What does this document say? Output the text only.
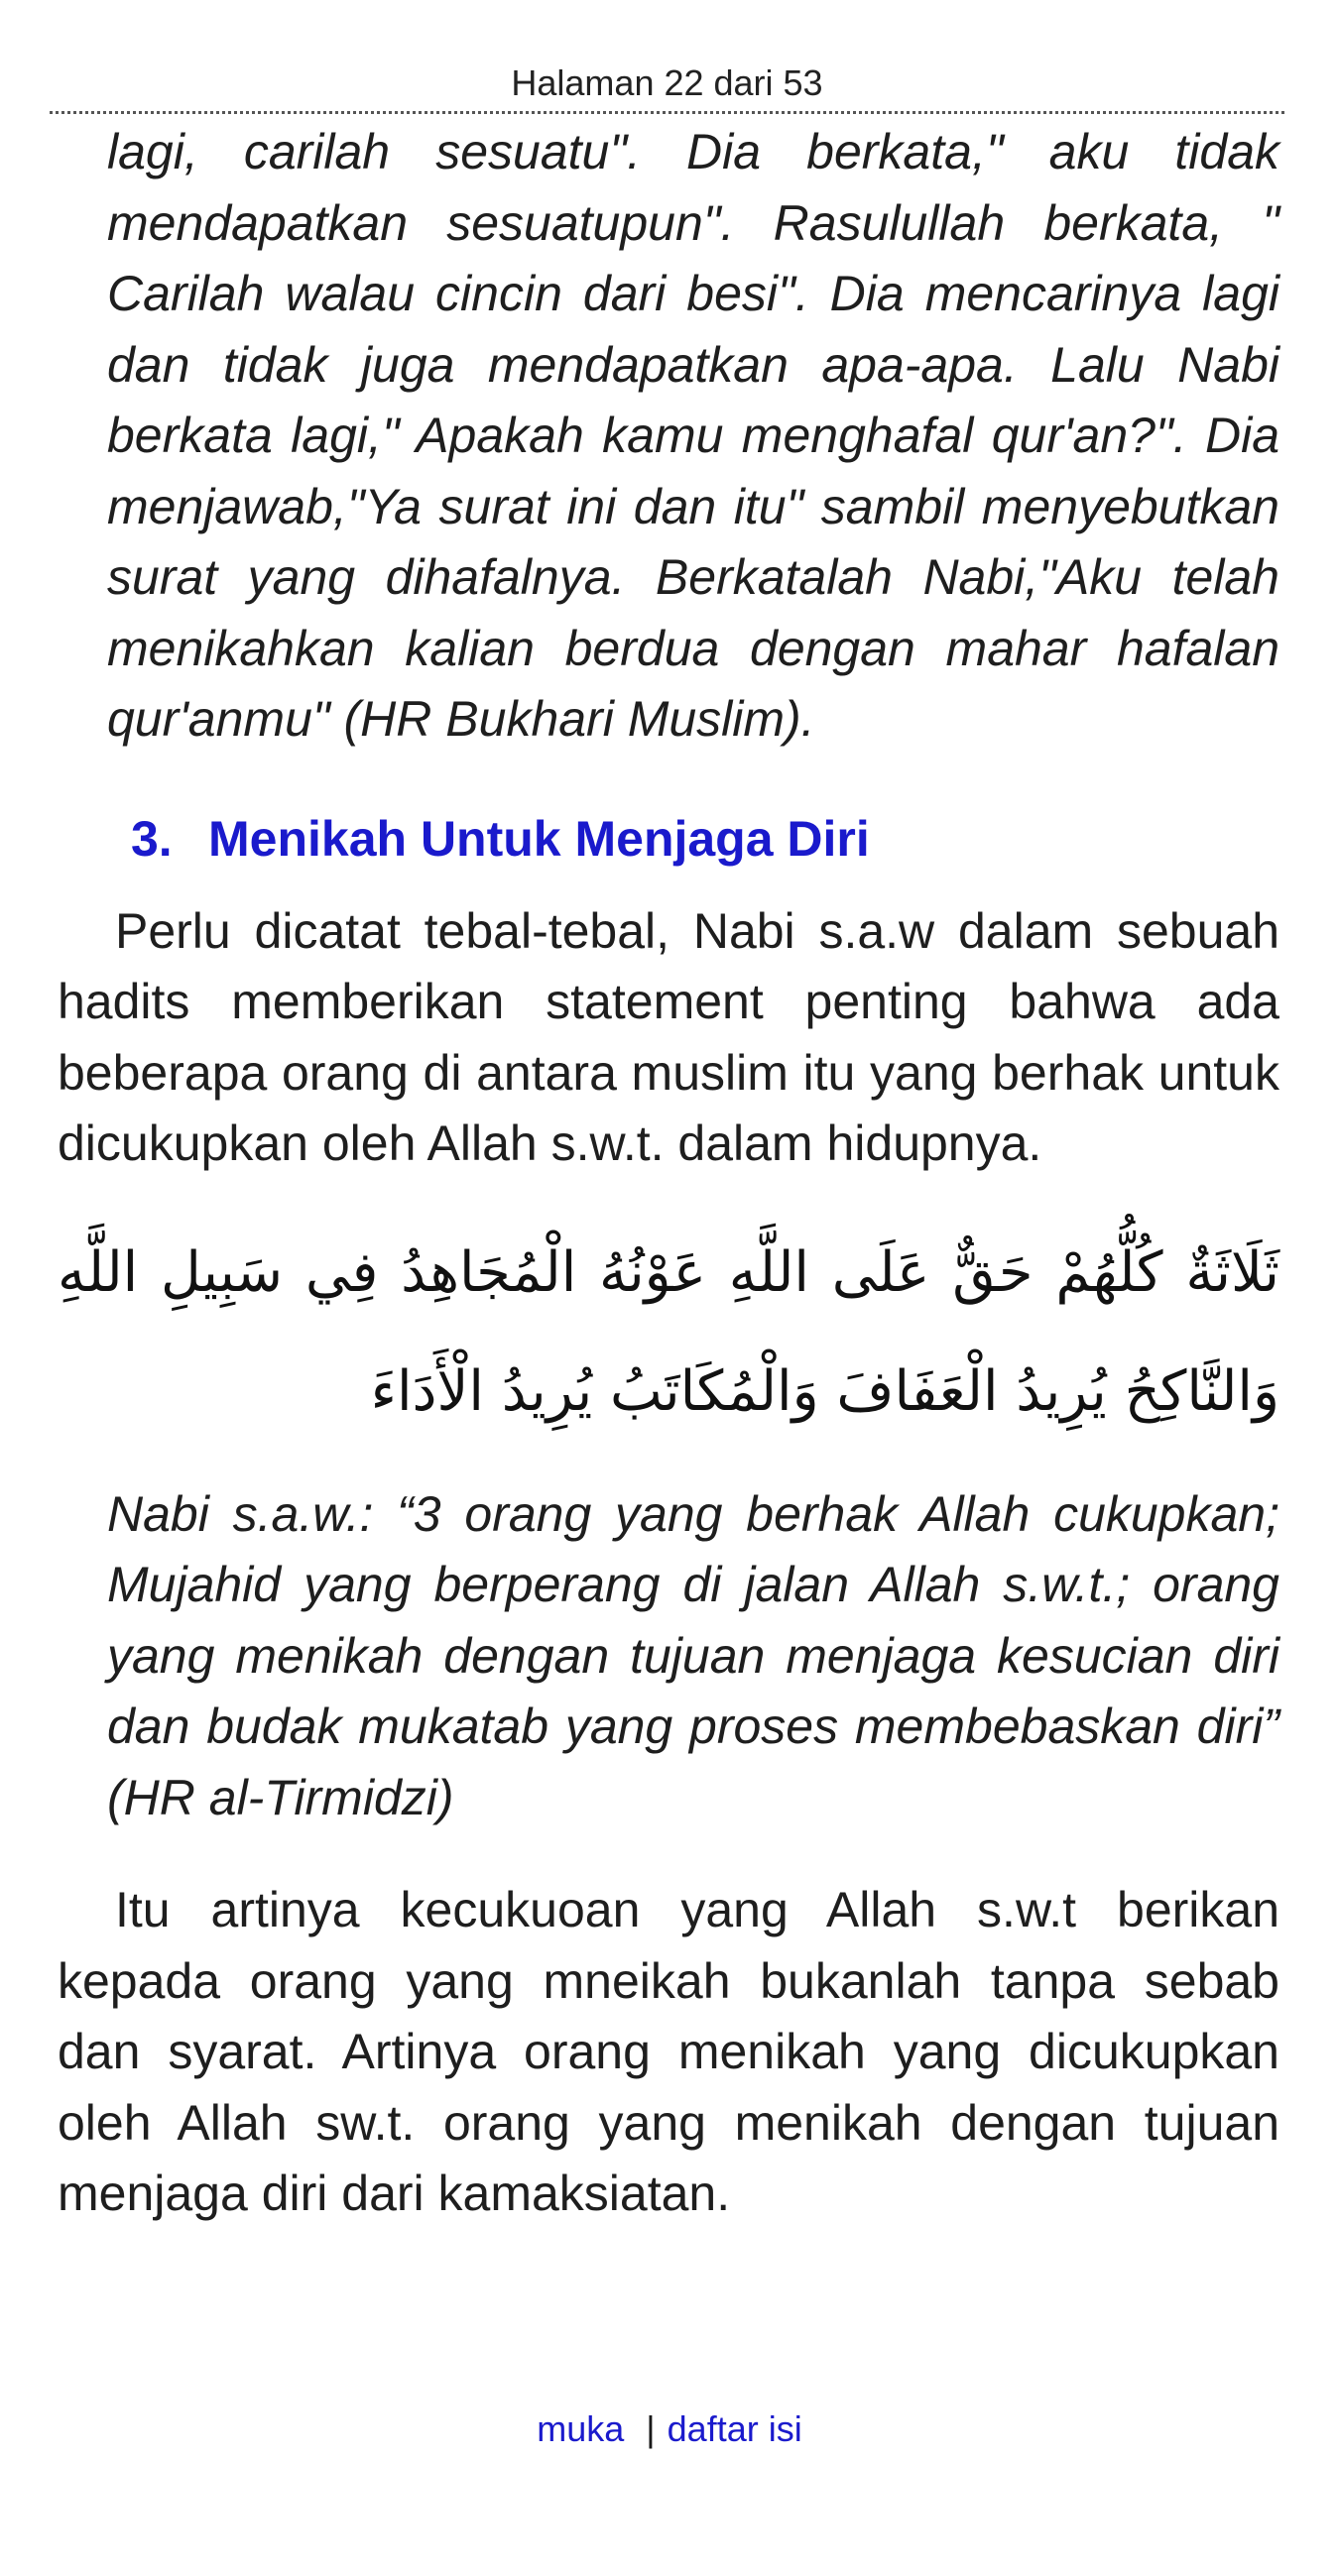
Halaman 22 dari 53

lagi, carilah sesuatu". Dia berkata," aku tidak mendapatkan sesuatupun". Rasulullah berkata, " Carilah walau cincin dari besi". Dia mencarinya lagi dan tidak juga mendapatkan apa-apa. Lalu Nabi berkata lagi," Apakah kamu menghafal qur'an?". Dia menjawab,"Ya surat ini dan itu" sambil menyebutkan surat yang dihafalnya. Berkatalah Nabi,"Aku telah menikahkan kalian berdua dengan mahar hafalan qur'anmu" (HR Bukhari Muslim).

3. Menikah Untuk Menjaga Diri

Perlu dicatat tebal-tebal, Nabi s.a.w dalam sebuah hadits memberikan statement penting bahwa ada beberapa orang di antara muslim itu yang berhak untuk dicukupkan oleh Allah s.w.t. dalam hidupnya.

ثَلَاثَةٌ كُلُّهُمْ حَقٌّ عَلَى اللَّهِ عَوْنُهُ الْمُجَاهِدُ فِي سَبِيلِ اللَّهِ وَالنَّاكِحُ يُرِيدُ الْعَفَافَ وَالْمُكَاتَبُ يُرِيدُ الْأَدَاءَ

Nabi s.a.w.: “3 orang yang berhak Allah cukupkan; Mujahid yang berperang di jalan Allah s.w.t.; orang yang menikah dengan tujuan menjaga kesucian diri dan budak mukatab yang proses membebaskan diri” (HR al-Tirmidzi)

Itu artinya kecukuoan yang Allah s.w.t berikan kepada orang yang mneikah bukanlah tanpa sebab dan syarat. Artinya orang menikah yang dicukupkan oleh Allah sw.t. orang yang menikah dengan tujuan menjaga diri dari kamaksiatan.

muka | daftar isi
